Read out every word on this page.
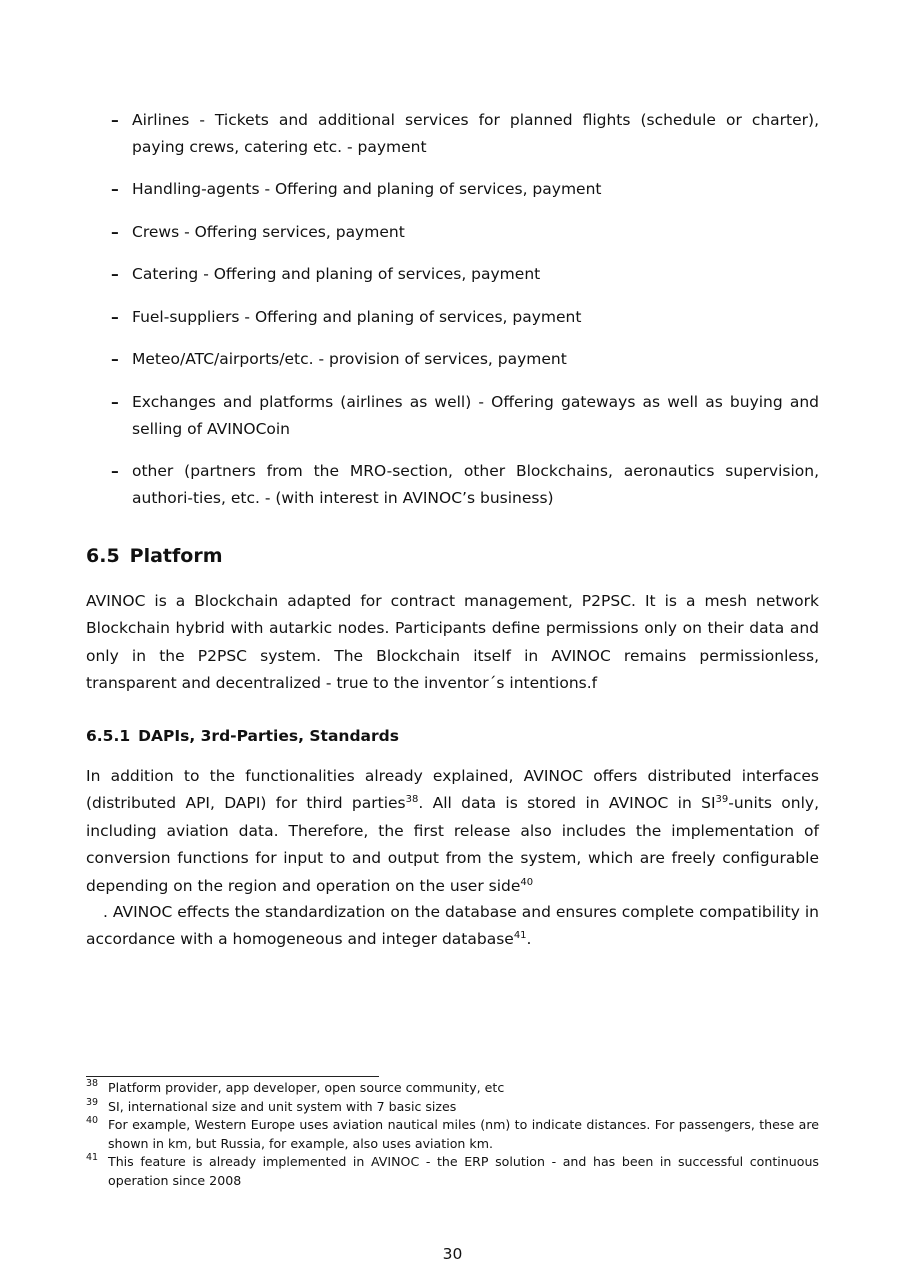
– Airlines - Tickets and additional services for planned flights (schedule or charter), paying crews, catering etc. - payment
– Handling-agents - Offering and planing of services, payment
– Crews - Offering services, payment
– Catering - Offering and planing of services, payment
– Fuel-suppliers - Offering and planing of services, payment
– Meteo/ATC/airports/etc. - provision of services, payment
– Exchanges and platforms (airlines as well) - Offering gateways as well as buying and selling of AVINOCoin
– other (partners from the MRO-section, other Blockchains, aeronautics supervision, authori-ties, etc. - (with interest in AVINOC’s business)
6.5 Platform

AVINOC is a Blockchain adapted for contract management, P2PSC. It is a mesh network Blockchain hybrid with autarkic nodes. Participants define permissions only on their data and only in the P2PSC system. The Blockchain itself in AVINOC remains permissionless, transparent and decentralized - true to the inventor´s intentions.f

6.5.1 DAPIs, 3rd-Parties, Standards

In addition to the functionalities already explained, AVINOC offers distributed interfaces (distributed API, DAPI) for third parties$^{38}$. All data is stored in AVINOC in SI$^{39}$-units only, including aviation data. Therefore, the first release also includes the implementation of conversion functions for input to and output from the system, which are freely configurable depending on the region and operation on the user side$^{40}$

. AVINOC effects the standardization on the database and ensures complete compatibility in accordance with a homogeneous and integer database$^{41}$.

38 Platform provider, app developer, open source community, etc
39 SI, international size and unit system with 7 basic sizes
40 For example, Western Europe uses aviation nautical miles (nm) to indicate distances. For passengers, these are shown in km, but Russia, for example, also uses aviation km.
41 This feature is already implemented in AVINOC - the ERP solution - and has been in successful continuous operation since 2008
30
